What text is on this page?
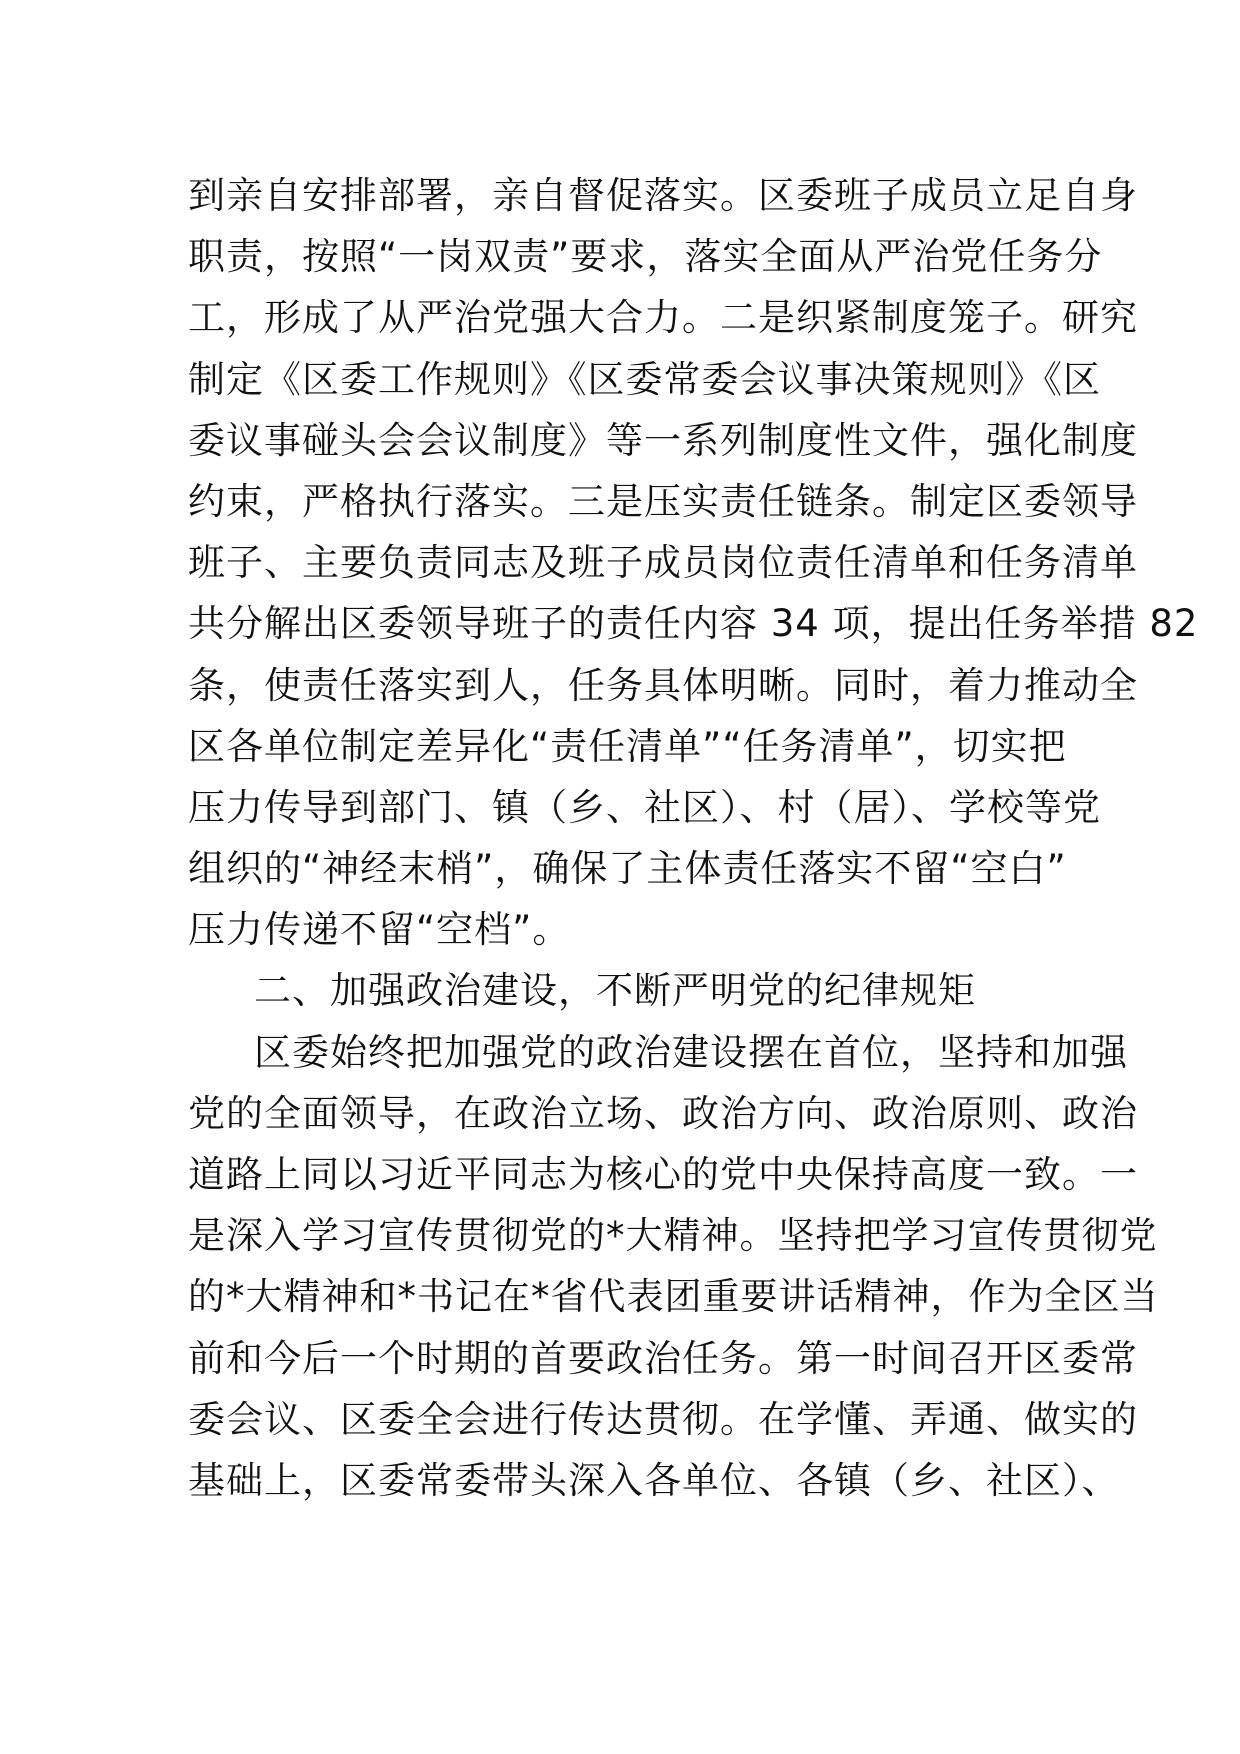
到亲自安排部署，亲自督促落实。区委班子成员立足自身
职责，按照“一岗双责”要求，落实全面从严治党任务分
工，形成了从严治党强大合力。二是织紧制度笼子。研究
制定《区委工作规则》《区委常委会议事决策规则》《区
委议事碰头会会议制度》等一系列制度性文件，强化制度
约束，严格执行落实。三是压实责任链条。制定区委领导
班子、主要负责同志及班子成员岗位责任清单和任务清单
共分解出区委领导班子的责任内容 34 项，提出任务举措 82
条，使责任落实到人，任务具体明晰。同时，着力推动全
区各单位制定差异化“责任清单”“任务清单”，切实把
压力传导到部门、镇（乡、社区）、村（居）、学校等党
组织的“神经末梢”，确保了主体责任落实不留“空白”
压力传递不留“空档”。
二、加强政治建设，不断严明党的纪律规矩
区委始终把加强党的政治建设摆在首位，坚持和加强
党的全面领导，在政治立场、政治方向、政治原则、政治
道路上同以习近平同志为核心的党中央保持高度一致。一
是深入学习宣传贯彻党的*大精神。坚持把学习宣传贯彻党
的*大精神和*书记在*省代表团重要讲话精神，作为全区当
前和今后一个时期的首要政治任务。第一时间召开区委常
委会议、区委全会进行传达贯彻。在学懂、弄通、做实的
基础上，区委常委带头深入各单位、各镇（乡、社区）、
